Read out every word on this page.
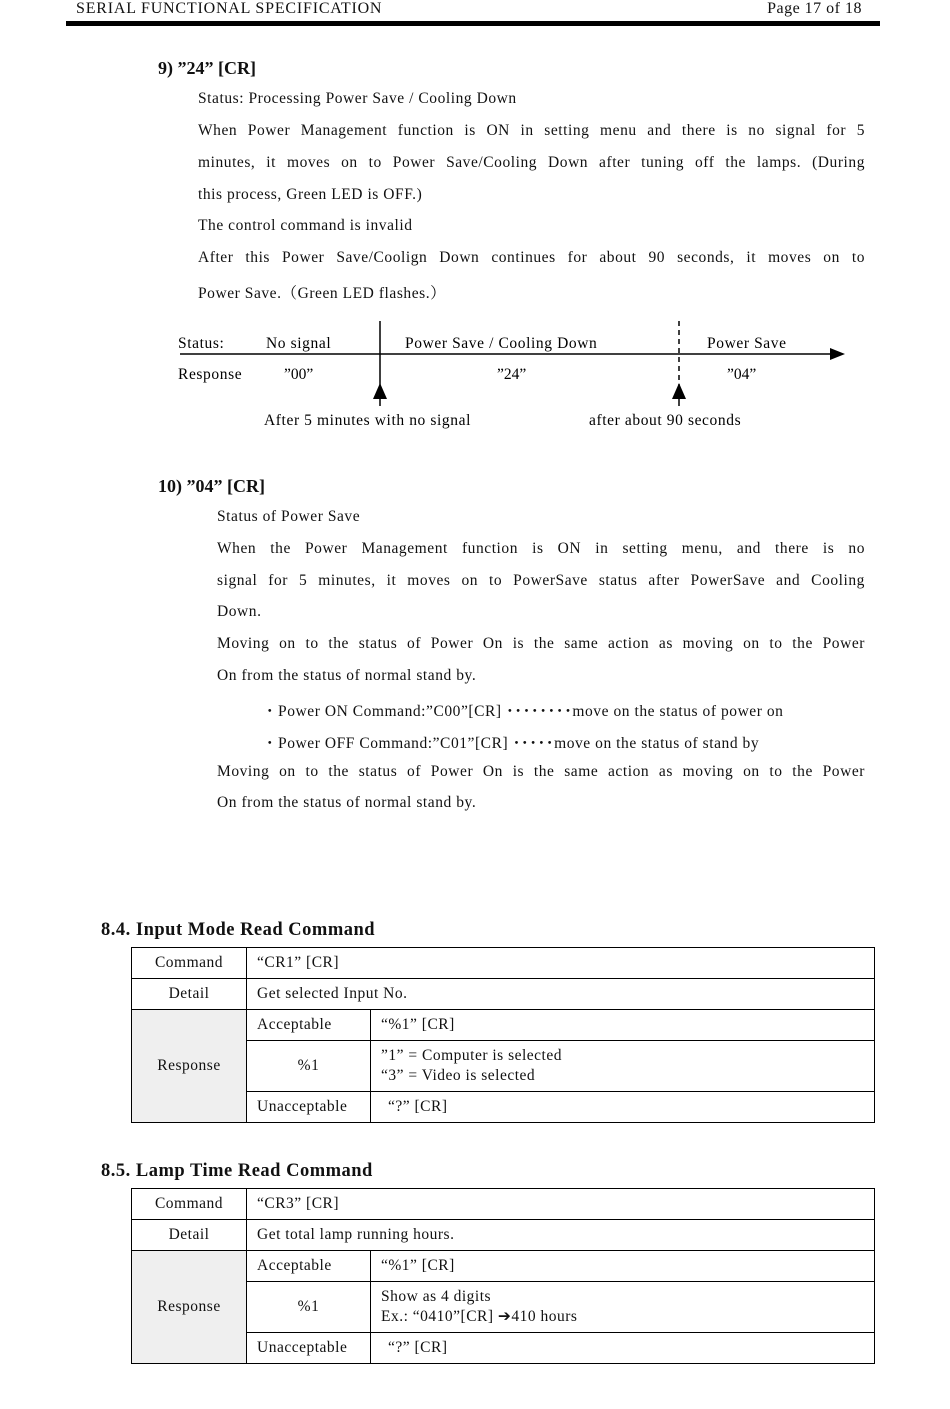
SERIAL FUNCTIONAL SPECIFICATION	Page 17 of 18
9) ”24” [CR]
Status: Processing Power Save / Cooling Down
When Power Management function is ON in setting menu and there is no signal for 5
minutes, it moves on to Power Save/Cooling Down after tuning off the lamps. (During
this process, Green LED is OFF.)
The control command is invalid
After this Power Save/Coolign Down continues for about 90 seconds, it moves on to
Power Save.（Green LED flashes.）
Status:	No signal	Power Save / Cooling Down	Power Save
Response	”00”	”24”	”04”
After 5 minutes with no signal	after about 90 seconds
10) ”04” [CR]
Status of Power Save
When the Power Management function is ON in setting menu, and there is no
signal for 5 minutes, it moves on to PowerSave status after PowerSave and Cooling
Down.
Moving on to the status of Power On is the same action as moving on to the Power
On from the status of normal stand by.
・Power ON Command:”C00”[CR] ････････move on the status of power on
・Power OFF Command:”C01”[CR] ･････move on the status of stand by
Moving on to the status of Power On is the same action as moving on to the Power
On from the status of normal stand by.
8.4. Input Mode Read Command
Command	“CR1” [CR]	
Detail	Get selected Input No.	
Response	Acceptable	“%1” [CR]
	%1	”1” = Computer is selected
“3” = Video is selected

	Unacceptable	“?” [CR]
8.5. Lamp Time Read Command
Command	“CR3” [CR]	
Detail	Get total lamp running hours.	
Response	Acceptable	“%1” [CR]
	%1	Show as 4 digits
Ex.: “0410”[CR] ➔410 hours

	Unacceptable	“?” [CR]
